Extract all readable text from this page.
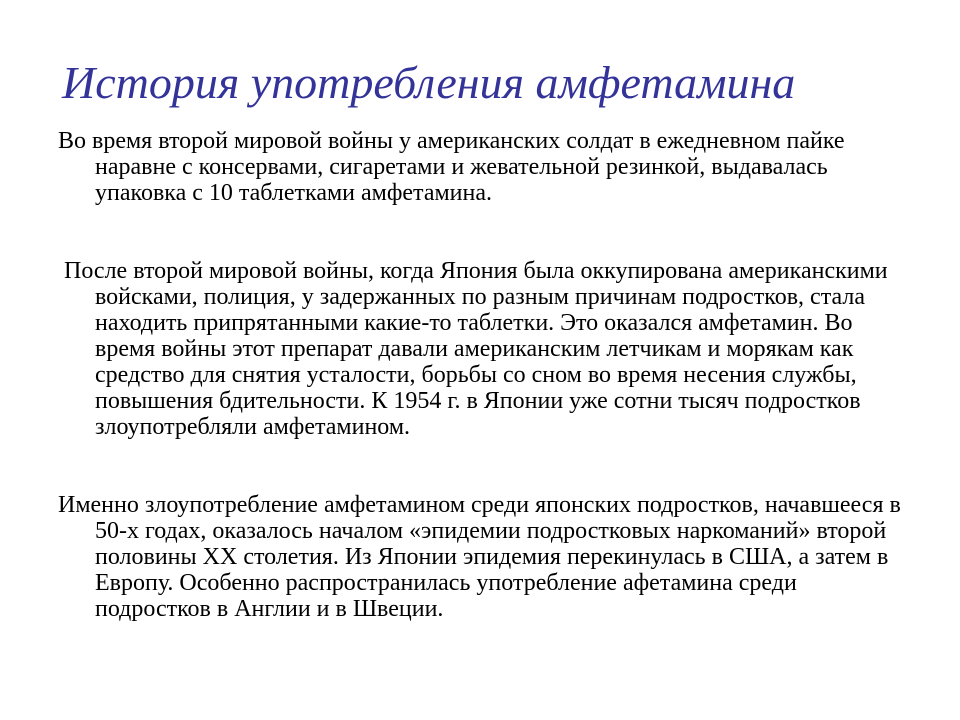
История употребления амфетамина

Во время второй мировой войны у американских солдат в ежедневном пайке наравне с консервами, сигаретами и жевательной резинкой, выдавалась упаковка с 10 таблетками амфетамина.

После второй мировой войны, когда Япония была оккупирована американскими войсками, полиция, у задержанных по разным причинам подростков, стала находить припрятанными какие-то таблетки. Это оказался амфетамин. Во время войны этот препарат давали американским летчикам и морякам как средство для снятия усталости, борьбы со сном во время несения службы, повышения бдительности. К 1954 г. в Японии уже сотни тысяч подростков злоупотребляли амфетамином.

Именно злоупотребление амфетамином среди японских подростков, начавшееся в 50-х годах, оказалось началом «эпидемии подростковых наркоманий» второй половины XX столетия. Из Японии эпидемия перекинулась в США, а затем в Европу. Особенно распространилась употребление афетамина среди подростков в Англии и в Швеции.
